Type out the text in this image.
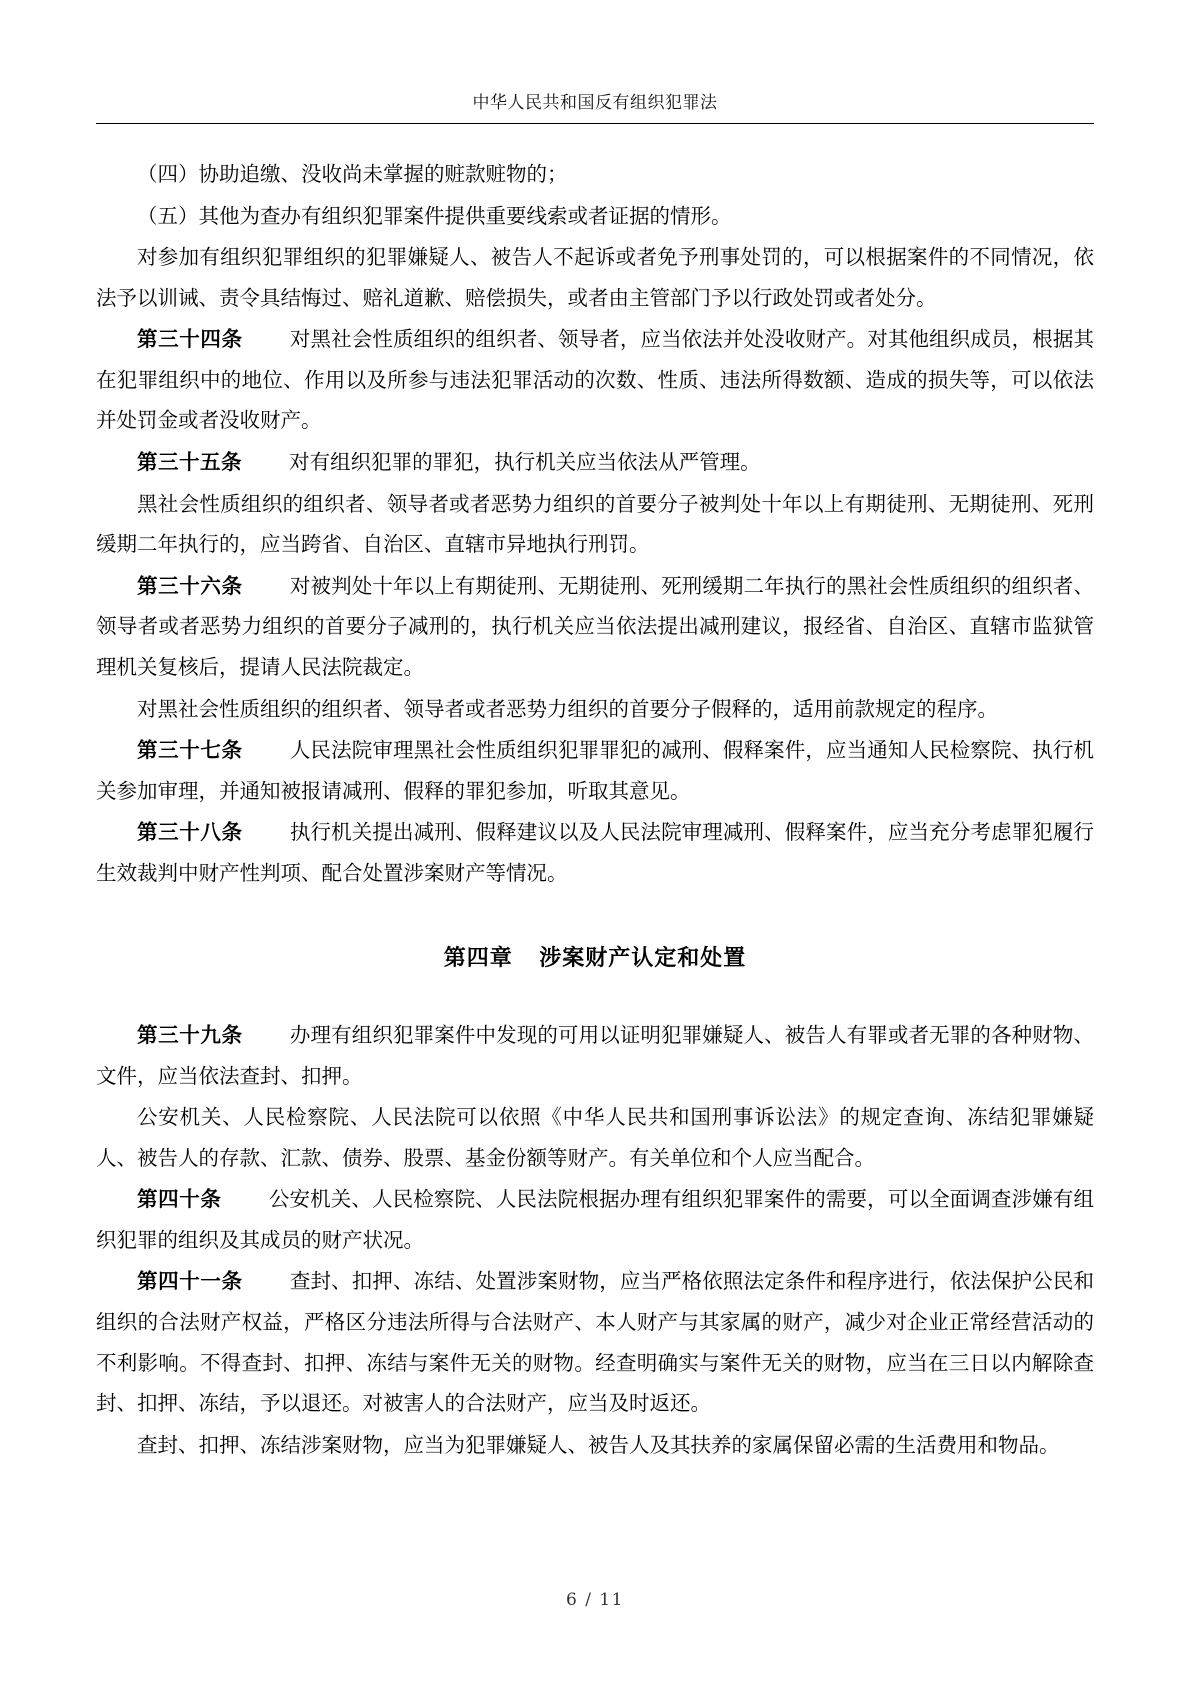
中华人民共和国反有组织犯罪法

（四）协助追缴、没收尚未掌握的赃款赃物的；

（五）其他为查办有组织犯罪案件提供重要线索或者证据的情形。

对参加有组织犯罪组织的犯罪嫌疑人、被告人不起诉或者免予刑事处罚的，可以根据案件的不同情况，依法予以训诫、责令具结悔过、赔礼道歉、赔偿损失，或者由主管部门予以行政处罚或者处分。

第三十四条 对黑社会性质组织的组织者、领导者，应当依法并处没收财产。对其他组织成员，根据其在犯罪组织中的地位、作用以及所参与违法犯罪活动的次数、性质、违法所得数额、造成的损失等，可以依法并处罚金或者没收财产。

第三十五条 对有组织犯罪的罪犯，执行机关应当依法从严管理。

黑社会性质组织的组织者、领导者或者恶势力组织的首要分子被判处十年以上有期徒刑、无期徒刑、死刑缓期二年执行的，应当跨省、自治区、直辖市异地执行刑罚。

第三十六条 对被判处十年以上有期徒刑、无期徒刑、死刑缓期二年执行的黑社会性质组织的组织者、领导者或者恶势力组织的首要分子减刑的，执行机关应当依法提出减刑建议，报经省、自治区、直辖市监狱管理机关复核后，提请人民法院裁定。

对黑社会性质组织的组织者、领导者或者恶势力组织的首要分子假释的，适用前款规定的程序。

第三十七条 人民法院审理黑社会性质组织犯罪罪犯的减刑、假释案件，应当通知人民检察院、执行机关参加审理，并通知被报请减刑、假释的罪犯参加，听取其意见。

第三十八条 执行机关提出减刑、假释建议以及人民法院审理减刑、假释案件，应当充分考虑罪犯履行生效裁判中财产性判项、配合处置涉案财产等情况。

第四章 涉案财产认定和处置

第三十九条 办理有组织犯罪案件中发现的可用以证明犯罪嫌疑人、被告人有罪或者无罪的各种财物、文件，应当依法查封、扣押。

公安机关、人民检察院、人民法院可以依照《中华人民共和国刑事诉讼法》的规定查询、冻结犯罪嫌疑人、被告人的存款、汇款、债券、股票、基金份额等财产。有关单位和个人应当配合。

第四十条 公安机关、人民检察院、人民法院根据办理有组织犯罪案件的需要，可以全面调查涉嫌有组织犯罪的组织及其成员的财产状况。

第四十一条 查封、扣押、冻结、处置涉案财物，应当严格依照法定条件和程序进行，依法保护公民和组织的合法财产权益，严格区分违法所得与合法财产、本人财产与其家属的财产，减少对企业正常经营活动的不利影响。不得查封、扣押、冻结与案件无关的财物。经查明确实与案件无关的财物，应当在三日以内解除查封、扣押、冻结，予以退还。对被害人的合法财产，应当及时返还。

查封、扣押、冻结涉案财物，应当为犯罪嫌疑人、被告人及其扶养的家属保留必需的生活费用和物品。

6 / 11
